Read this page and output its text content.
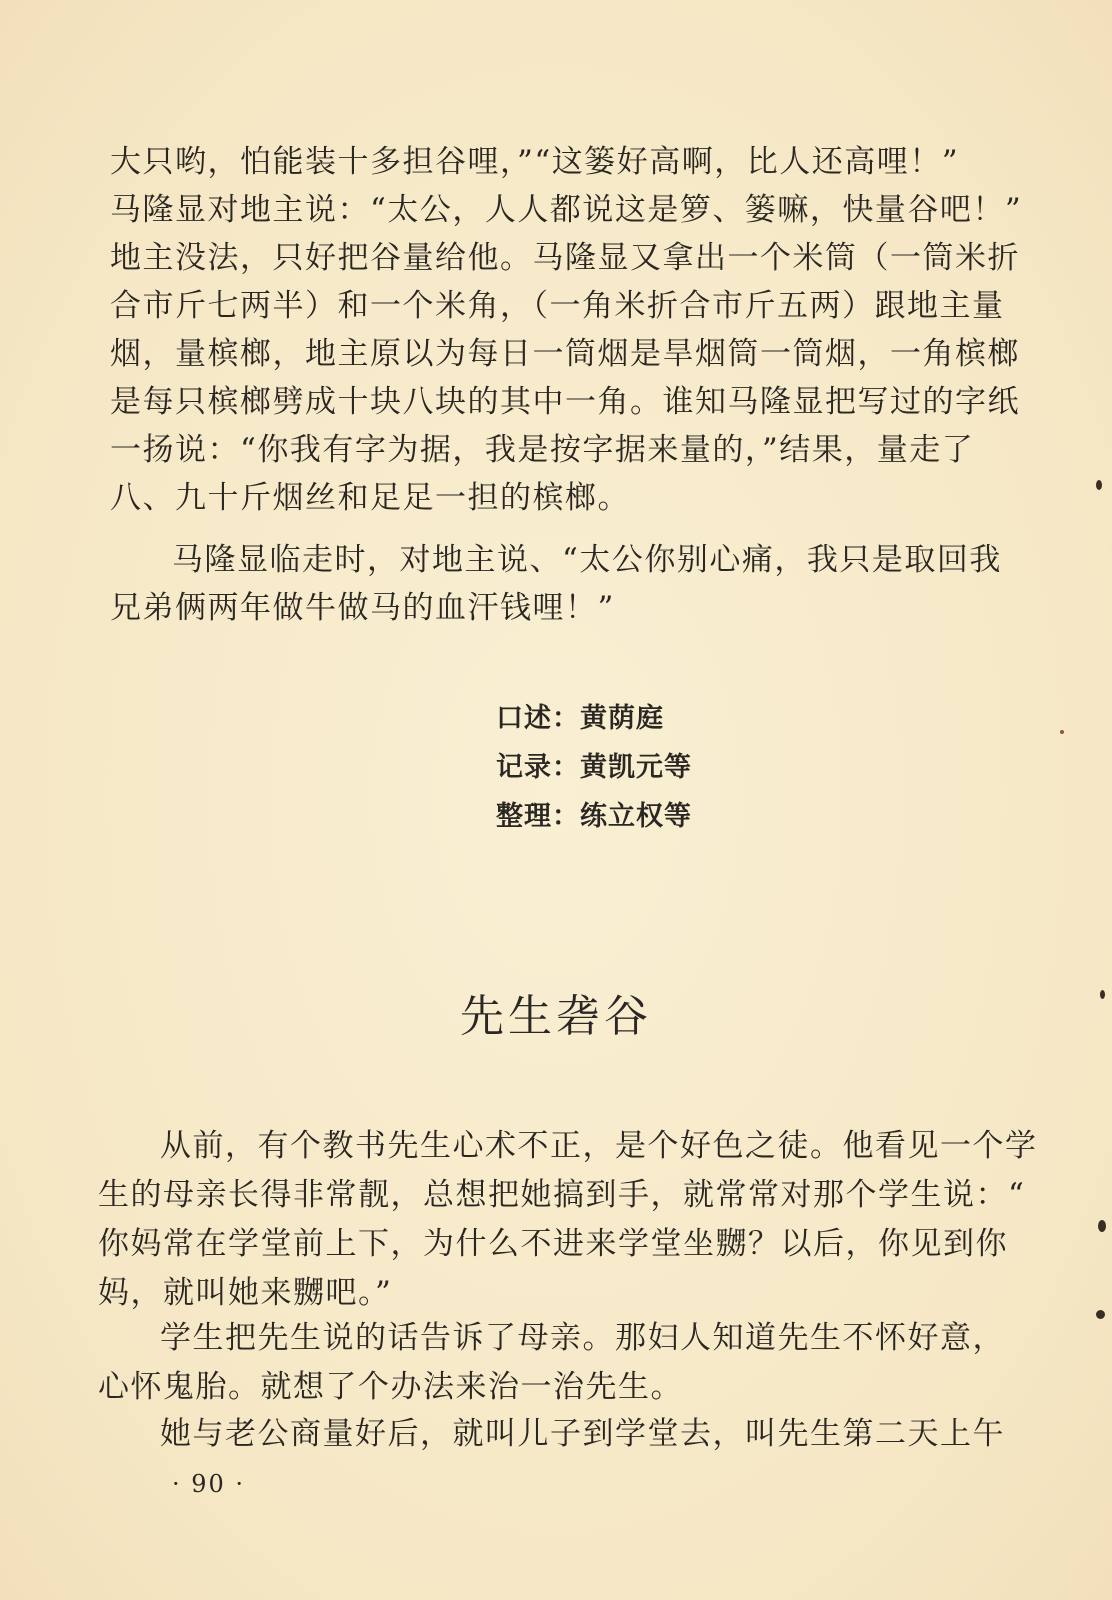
大只哟，怕能装十多担谷哩，”“这篓好高啊，比人还高哩！”
马隆显对地主说：“太公，人人都说这是箩、篓嘛，快量谷吧！”
地主没法，只好把谷量给他。马隆显又拿出一个米筒（一筒米折
合市斤七两半）和一个米角，（一角米折合市斤五两）跟地主量
烟，量槟榔，地主原以为每日一筒烟是旱烟筒一筒烟，一角槟榔
是每只槟榔劈成十块八块的其中一角。谁知马隆显把写过的字纸
一扬说：“你我有字为据，我是按字据来量的，”结果，量走了
八、九十斤烟丝和足足一担的槟榔。
马隆显临走时，对地主说、“太公你别心痛，我只是取回我
兄弟俩两年做牛做马的血汗钱哩！”
口述：黄荫庭
记录：黄凯元等
整理：练立权等
先生砻谷
从前，有个教书先生心术不正，是个好色之徒。他看见一个学
生的母亲长得非常靓，总想把她搞到手，就常常对那个学生说：“
你妈常在学堂前上下，为什么不进来学堂坐嬲？以后，你见到你
妈，就叫她来嬲吧。”
学生把先生说的话告诉了母亲。那妇人知道先生不怀好意，
心怀鬼胎。就想了个办法来治一治先生。
她与老公商量好后，就叫儿子到学堂去，叫先生第二天上午
· 90 ·
